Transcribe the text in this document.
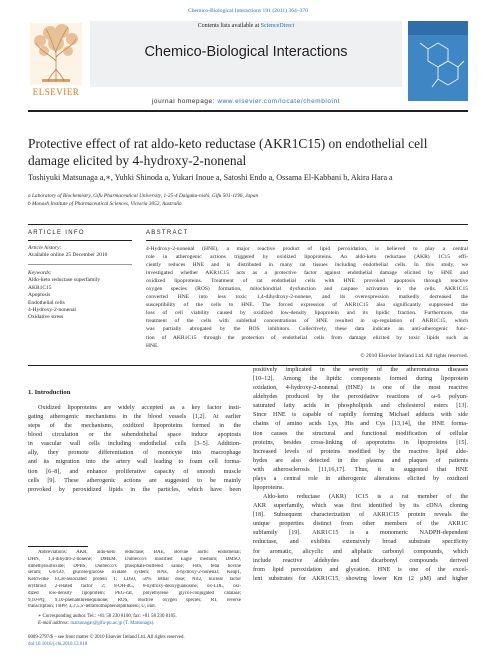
Chemico-Biological Interactions 191 (2011) 364–370
ELSEVIER
Contents lists available at ScienceDirect
Chemico-Biological Interactions
journal homepage: www.elsevier.com/locate/chembioint
Protective effect of rat aldo-keto reductase (AKR1C15) on endothelial cell
damage elicited by 4-hydroxy-2-nonenal
Toshiyuki Matsunaga a,∗, Yuhki Shinoda a, Yukari Inoue a, Satoshi Endo a, Ossama El-Kabbani b, Akira Hara a
a Laboratory of Biochemistry, Gifu Pharmaceutical University, 1-25-4 Daigaku-nishi, Gifu 501-1196, Japan
b Monash Institute of Pharmaceutical Sciences, Victoria 3052, Australia
ARTICLE INFO
Article history:
Available online 25 December 2010
Keywords:
Aldo-keto reductase superfamily
AKR1C15
Apoptosis
Endothelial cells
4-Hydroxy-2-nonenal
Oxidative stress
ABSTRACT
4-Hydroxy-2-nonenal (HNE), a major reactive product of lipid peroxidation, is believed to play a central
role in atherogenic actions triggered by oxidized lipoproteins. An aldo-keto reductase (AKR) 1C15 effi-
ciently reduces HNE and is distributed in many rat tissues including endothelial cells. In this study, we
investigated whether AKR1C15 acts as a protective factor against endothelial damage elicited by HNE and
oxidized lipoproteins. Treatment of rat endothelial cells with HNE provoked apoptosis through reactive
oxygen species (ROS) formation, mitochondrial dysfunction and caspase activation in the cells. AKR1C15
converted HNE into less toxic 1,4-dihydroxy-2-nonene, and its overexpression markedly decreased the
susceptibility of the cells to HNE. The forced expression of AKR1C15 also significantly suppressed the
loss of cell viability caused by oxidized low-density lipoprotein and its lipidic fraction. Furthermore, the
treatment of the cells with sublethal concentrations of HNE resulted in up-regulation of AKR1C15, which
was partially abrogated by the ROS inhibitors. Collectively, these data indicate an anti-atherogenic func-
tion of AKR1C15 through the protection of endothelial cells from damage elicited by toxic lipids such as
HNE.
© 2010 Elsevier Ireland Ltd. All rights reserved.
1. Introduction
Oxidized lipoproteins are widely accepted as a key factor insti-
gating atherogenic mechanisms in the blood vessels [1,2]. At earlier
steps of the mechanisms, oxidized lipoproteins formed in the
blood circulation or the subendothelial space induce apoptosis
in vascular wall cells including endothelial cells [3–5]. Addition-
ally, they promote differentiation of monocyte into macrophage
and its migration into the artery wall leading to foam cell forma-
tion [6–8], and enhance proliferative capacity of smooth muscle
cells [9]. These atherogenic actions are suggested to be mainly
provoked by peroxidized lipids in the particles, which have been
positively implicated in the severity of the atheromatous diseases
[10–12]. Among the lipidic components formed during lipoprotein
oxidation, 4-hydroxy-2-nonenal (HNE) is one of the most reactive
aldehydes produced by the peroxidative reactions of ω-6 polyun-
saturated fatty acids in phospholipids and cholesterol esters [13].
Since HNE is capable of rapidly forming Michael adducts with side
chains of amino acids Lys, His and Cys [13,14], the HNE forma-
tion causes the structural and functional modification of cellular
proteins, besides cross-linking of apoproteins in lipoproteins [15].
Increased levels of proteins modified by the reactive lipid alde-
hydes are also detected in the plasma and plaques of patients
with atherosclerosis [11,16,17]. Thus, it is suggested that HNE
plays a central role in atherogenic alterations elicited by oxidized
lipoproteins.
Aldo-keto reductase (AKR) 1C15 is a rat member of the
AKR superfamily, which was first identified by its cDNA cloning
[18]. Subsequent characterization of AKR1C15 protein reveals the
unique properties distinct from other members of the AKR1C
subfamily [19]. AKR1C15 is a monomeric NADPH-dependent
reductase, and exhibits extensively broad substrate specificity
for aromatic, alicyclic and aliphatic carbonyl compounds, which
include reactive aldehydes and dicarbonyl compounds derived
from lipid peroxidation and glycation. HNE is one of the excel-
lent substrates for AKR1C15, showing lower Km (2 μM) and higher
Abbreviations: AKR, aldo-keto reductase; BAE, Bovine aortic endothelial;
DHN, 1,4-dihydro-2-nonene; DMEM, Dulbecco's modified Eagle medium; DMSO,
dimethylsulfoxide; DPBS, Dulbecco's phosphate-buffered saline; FBS, fetal bovine
serum; G6/GO, glucose/glucose oxidase system; HNE, 4-hydroxy-2-nonenal; Keap1,
Kelch-like ECH-associated protein 1; LD50, 50% lethal dose; Nrf2, nuclear factor
erythroid 2-related factor 2; 8-OH-dG, 8-hydroxy-deoxyguanosine; ox-LDL, oxi-
dized low-density lipoprotein; PEG-cat, polyethylene glycol-conjugated catalase;
9,10-PQ, 9,10-phenanthrenequinone; ROS, reactive oxygen species; RT, reverse
transcription; TBPP, 3,3',5,5'-tetrabromophenolphthalein; U, unit.
∗ Corresponding author. Tel.: +81 58 230 8100; fax: +81 58 230 8105.
E-mail address: matsunagat@gifu-pu.ac.jp (T. Matsunaga).
0009-2797/$ – see front matter © 2010 Elsevier Ireland Ltd. All rights reserved.
doi:10.1016/j.cbi.2010.12.018
